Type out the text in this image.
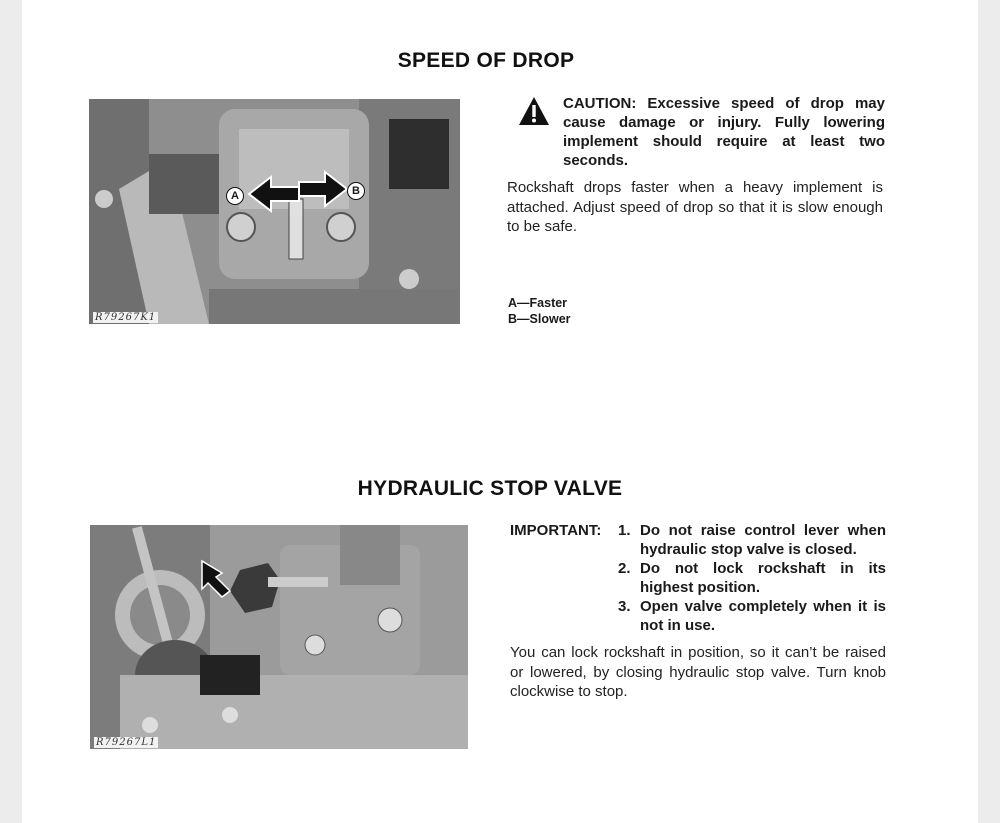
SPEED OF DROP
A	B
R79267K1
CAUTION: Excessive speed of drop may cause damage or injury. Fully lowering implement should require at least two seconds.
Rockshaft drops faster when a heavy implement is attached. Adjust speed of drop so that it is slow enough to be safe.
A—Faster
B—Slower
HYDRAULIC STOP VALVE
R79267L1
IMPORTANT: 1. Do not raise control lever when hydraulic stop valve is closed.
2. Do not lock rockshaft in its highest position.
3. Open valve completely when it is not in use.
You can lock rockshaft in position, so it can’t be raised or lowered, by closing hydraulic stop valve. Turn knob clockwise to stop.
